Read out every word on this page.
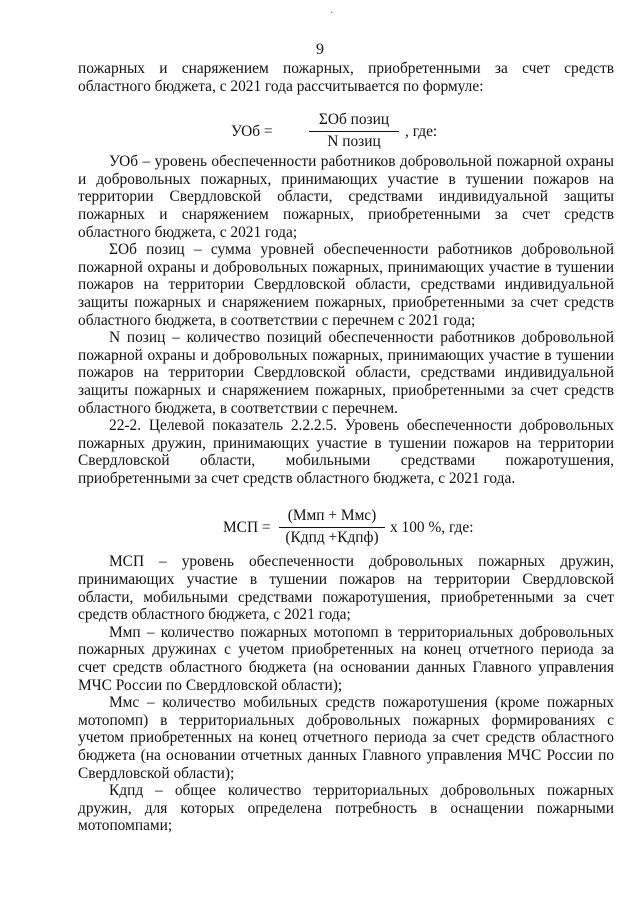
·
9

пожарных и снаряжением пожарных, приобретенными за счет средств областного бюджета, с 2021 года рассчитывается по формуле:

УОб =
ΣОб позиц
N позиц
, где:

УОб – уровень обеспеченности работников добровольной пожарной охраны и добровольных пожарных, принимающих участие в тушении пожаров на территории Свердловской области, средствами индивидуальной защиты пожарных и снаряжением пожарных, приобретенными за счет средств областного бюджета, с 2021 года;

ΣОб позиц – сумма уровней обеспеченности работников добровольной пожарной охраны и добровольных пожарных, принимающих участие в тушении пожаров на территории Свердловской области, средствами индивидуальной защиты пожарных и снаряжением пожарных, приобретенными за счет средств областного бюджета, в соответствии с перечнем с 2021 года;

N позиц – количество позиций обеспеченности работников добровольной пожарной охраны и добровольных пожарных, принимающих участие в тушении пожаров на территории Свердловской области, средствами индивидуальной защиты пожарных и снаряжением пожарных, приобретенными за счет средств областного бюджета, в соответствии с перечнем.

22-2. Целевой показатель 2.2.2.5. Уровень обеспеченности добровольных пожарных дружин, принимающих участие в тушении пожаров на территории Свердловской области, мобильными средствами пожаротушения, приобретенными за счет средств областного бюджета, с 2021 года.

МСП =
(Ммп + Ммс)
(Кдпд +Кдпф)
x 100 %, где:

МСП – уровень обеспеченности добровольных пожарных дружин, принимающих участие в тушении пожаров на территории Свердловской области, мобильными средствами пожаротушения, приобретенными за счет средств областного бюджета, с 2021 года;

Ммп – количество пожарных мотопомп в территориальных добровольных пожарных дружинах с учетом приобретенных на конец отчетного периода за счет средств областного бюджета (на основании данных Главного управления МЧС России по Свердловской области);

Ммс – количество мобильных средств пожаротушения (кроме пожарных мотопомп) в территориальных добровольных пожарных формированиях с учетом приобретенных на конец отчетного периода за счет средств областного бюджета (на основании отчетных данных Главного управления МЧС России по Свердловской области);

Кдпд – общее количество территориальных добровольных пожарных дружин, для которых определена потребность в оснащении пожарными мотопомпами;
